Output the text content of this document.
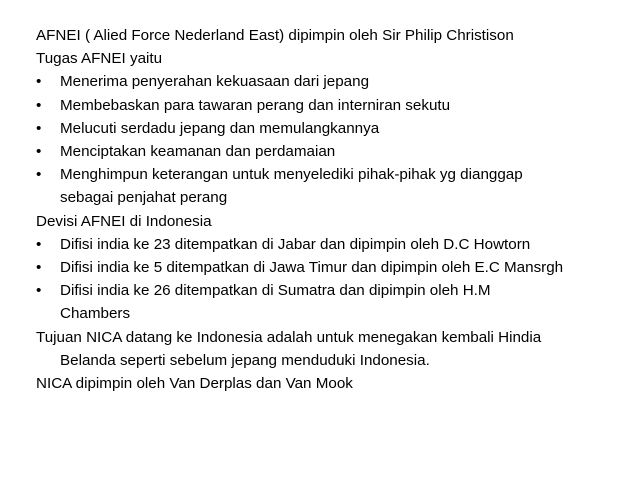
AFNEI ( Alied Force Nederland East) dipimpin oleh Sir Philip Christison
Tugas AFNEI yaitu
•	Menerima penyerahan kekuasaan dari jepang
•	Membebaskan para tawaran perang dan interniran sekutu
•	Melucuti serdadu jepang dan memulangkannya
•	Menciptakan keamanan dan perdamaian
•	Menghimpun keterangan untuk menyelediki pihak-pihak yg dianggap
sebagai penjahat perang
Devisi AFNEI di Indonesia
•	Difisi india ke 23 ditempatkan di Jabar dan dipimpin oleh D.C Howtorn
•	Difisi india ke 5 ditempatkan di Jawa Timur dan dipimpin oleh E.C Mansrgh
•	Difisi india ke 26 ditempatkan di Sumatra dan dipimpin oleh H.M
Chambers
Tujuan NICA datang ke Indonesia adalah untuk menegakan kembali Hindia
Belanda seperti sebelum jepang menduduki Indonesia.
NICA dipimpin oleh Van Derplas dan Van Mook
